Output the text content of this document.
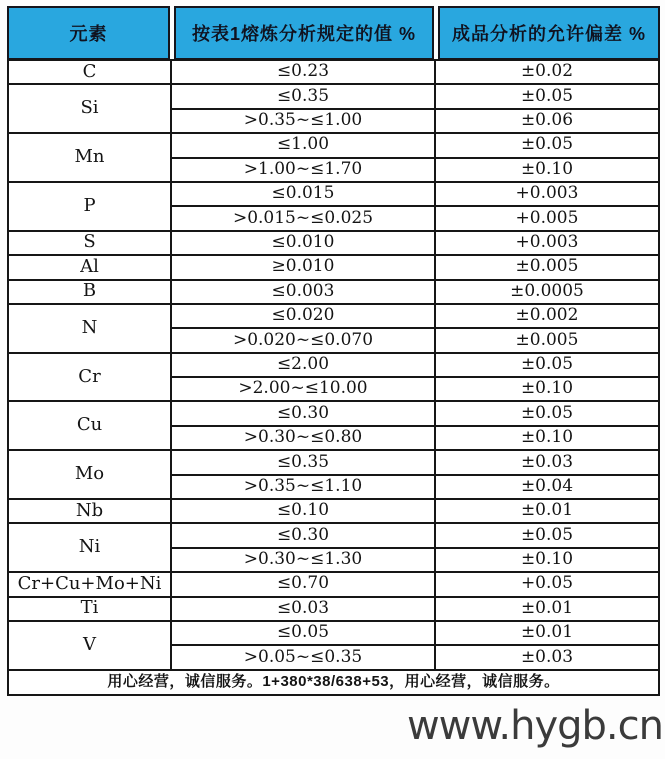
元素	按表1熔炼分析规定的值 %	成品分析的允许偏差 %
C	≤0.23	±0.02
Si	≤0.35	±0.05
	>0.35~≤1.00	±0.06
Mn	≤1.00	±0.05
	>1.00~≤1.70	±0.10
P	≤0.015	+0.003
	>0.015~≤0.025	+0.005
S	≤0.010	+0.003
Al	≥0.010	±0.005
B	≤0.003	±0.0005
N	≤0.020	±0.002
	>0.020~≤0.070	±0.005
Cr	≤2.00	±0.05
	>2.00~≤10.00	±0.10
Cu	≤0.30	±0.05
	>0.30~≤0.80	±0.10
Mo	≤0.35	±0.03
	>0.35~≤1.10	±0.04
Nb	≤0.10	±0.01
Ni	≤0.30	±0.05
	>0.30~≤1.30	±0.10
Cr+Cu+Mo+Ni	≤0.70	+0.05
Ti	≤0.03	±0.01
V	≤0.05	±0.01
	>0.05~≤0.35	±0.03
用心经营，诚信服务。1+380*38/638+53，用心经营，诚信服务。		
www.hygb.cn
